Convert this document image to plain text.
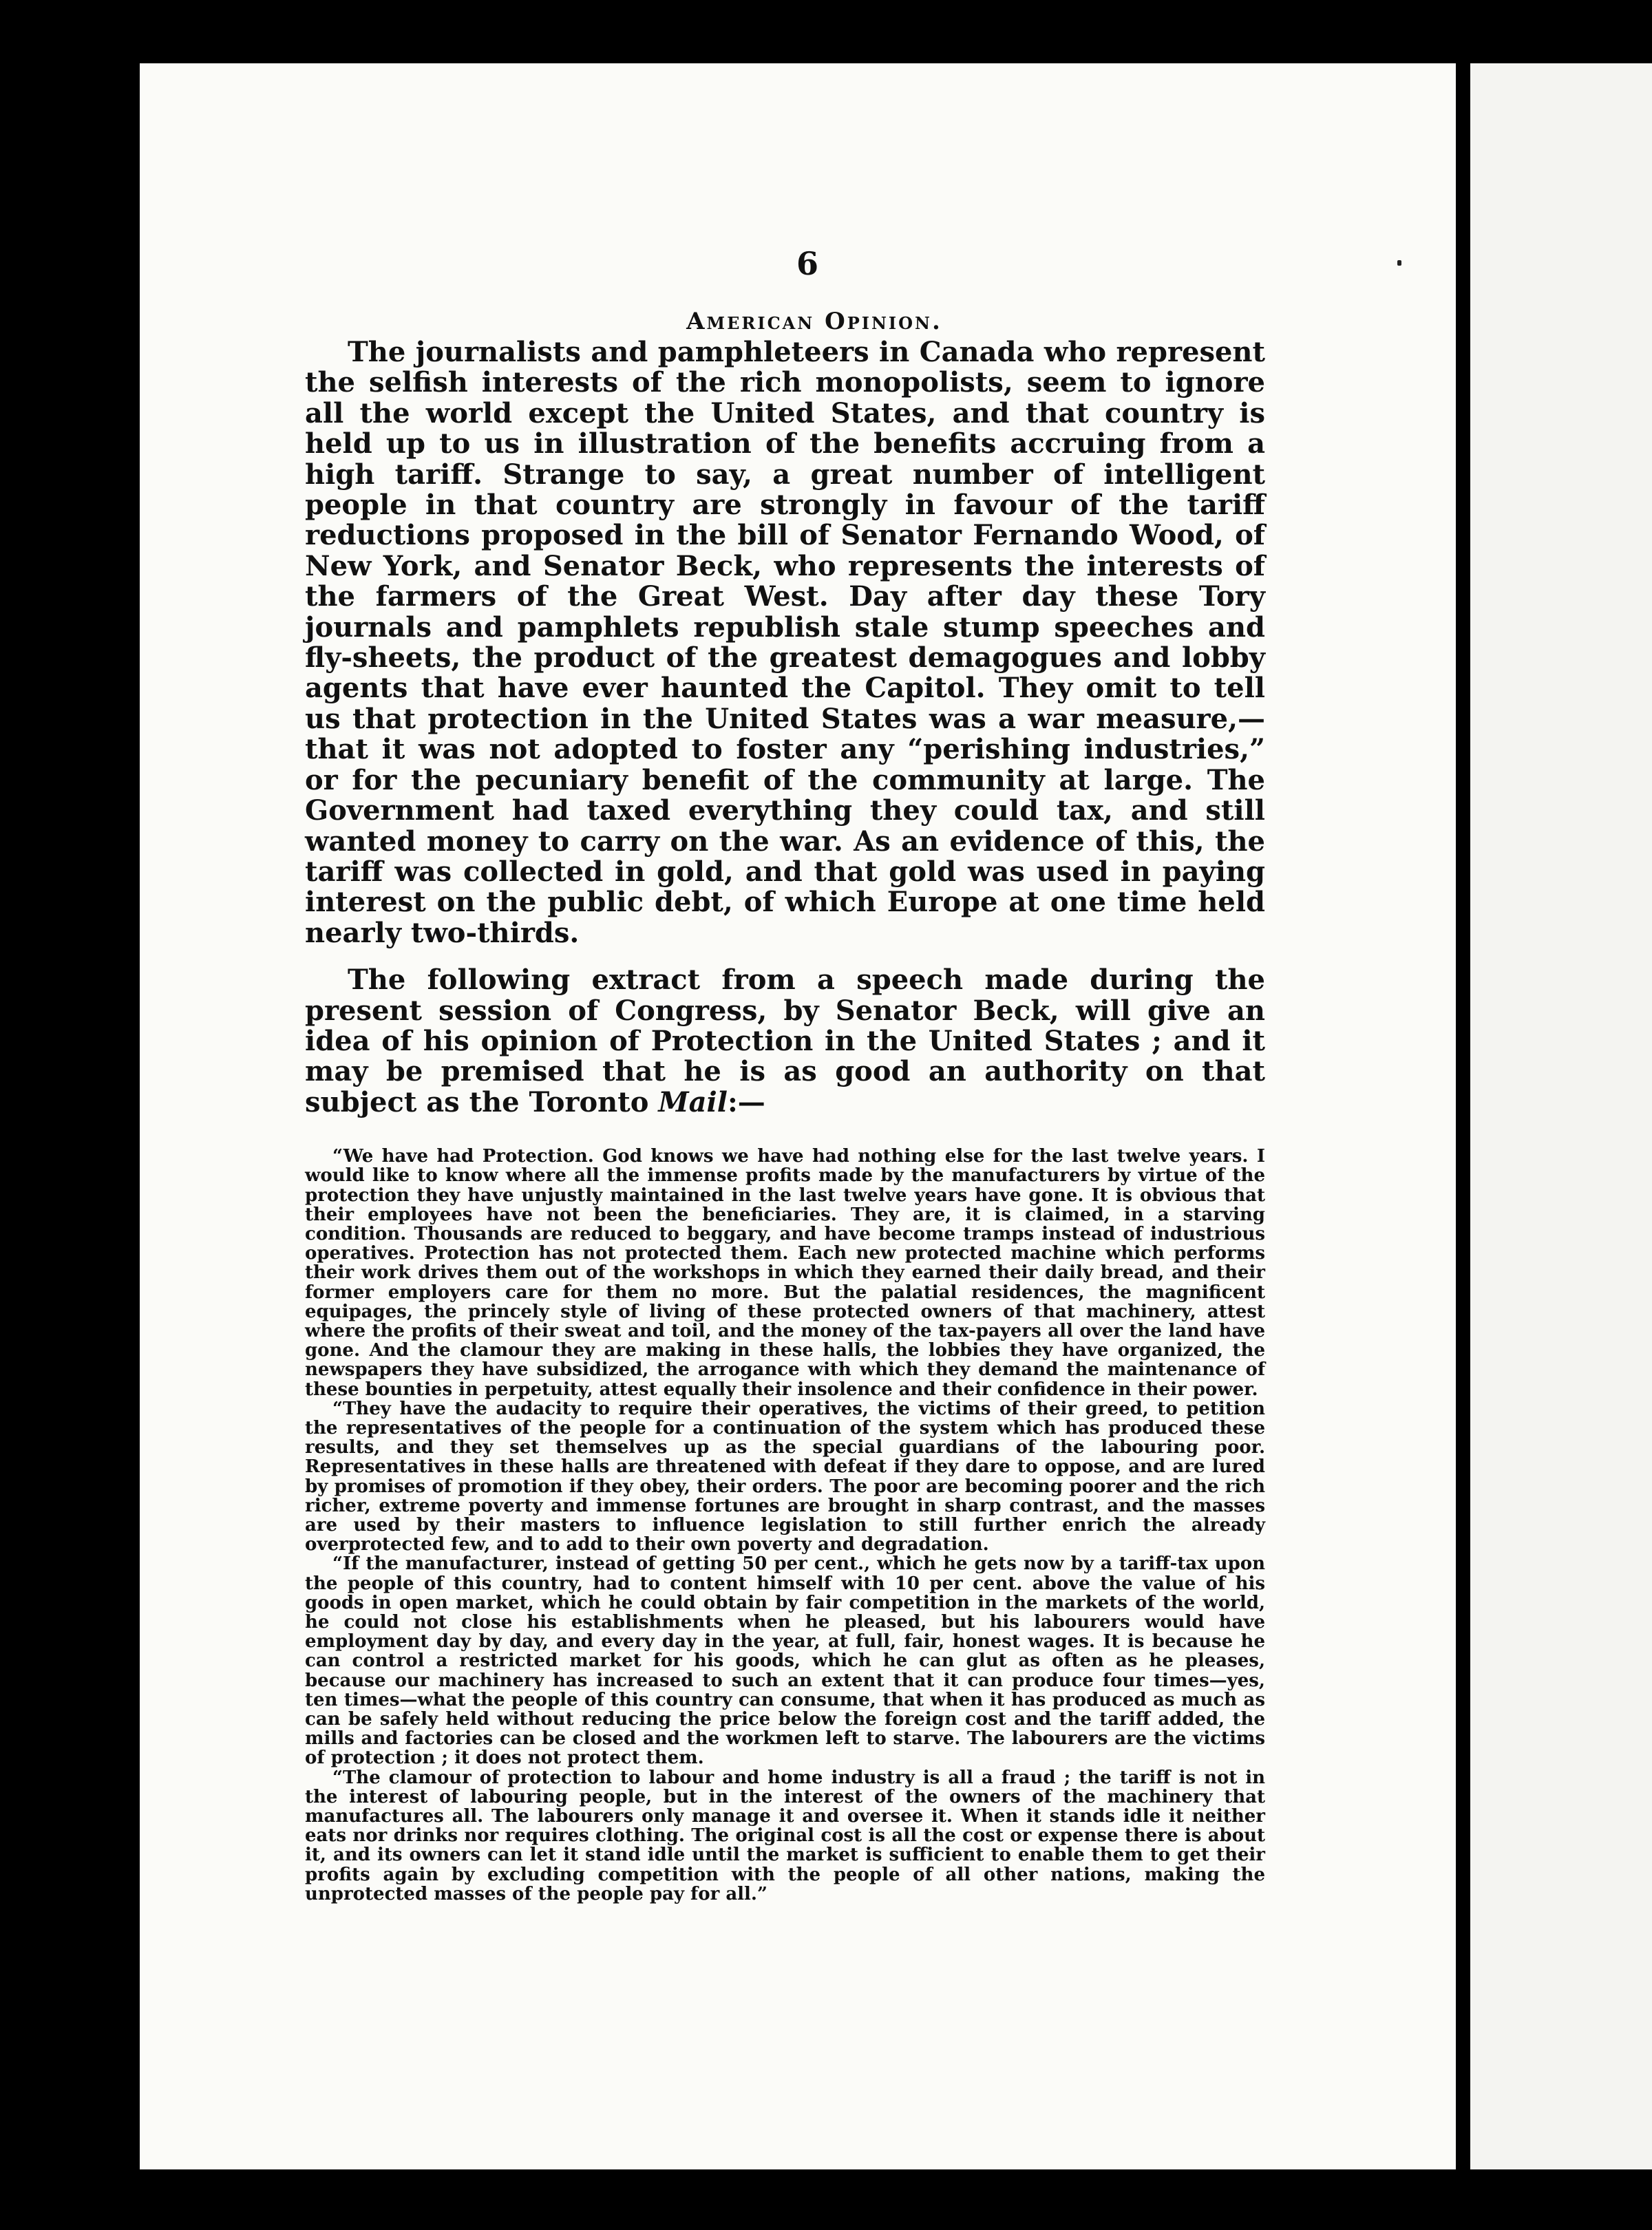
6
American Opinion.

The journalists and pamphleteers in Canada who represent the selfish interests of the rich monopolists, seem to ignore all the world except the United States, and that country is held up to us in illustration of the benefits accruing from a high tariff. Strange to say, a great number of intelligent people in that country are strongly in favour of the tariff reductions proposed in the bill of Senator Fernando Wood, of New York, and Senator Beck, who represents the interests of the farmers of the Great West. Day after day these Tory journals and pamphlets republish stale stump speeches and fly-sheets, the product of the greatest demagogues and lobby agents that have ever haunted the Capitol. They omit to tell us that protection in the United States was a war measure,—that it was not adopted to foster any “perishing industries,” or for the pecuniary benefit of the community at large. The Government had taxed everything they could tax, and still wanted money to carry on the war. As an evidence of this, the tariff was collected in gold, and that gold was used in paying interest on the public debt, of which Europe at one time held nearly two-thirds.

The following extract from a speech made during the present session of Congress, by Senator Beck, will give an idea of his opinion of Protection in the United States ; and it may be premised that he is as good an authority on that subject as the Toronto Mail:—

“We have had Protection. God knows we have had nothing else for the last twelve years. I would like to know where all the immense profits made by the manufacturers by virtue of the protection they have unjustly maintained in the last twelve years have gone. It is obvious that their employees have not been the beneficiaries. They are, it is claimed, in a starving condition. Thousands are reduced to beggary, and have become tramps instead of industrious operatives. Protection has not protected them. Each new protected machine which performs their work drives them out of the workshops in which they earned their daily bread, and their former employers care for them no more. But the palatial residences, the magnificent equipages, the princely style of living of these protected owners of that machinery, attest where the profits of their sweat and toil, and the money of the tax-payers all over the land have gone. And the clamour they are making in these halls, the lobbies they have organized, the newspapers they have subsidized, the arrogance with which they demand the maintenance of these bounties in perpetuity, attest equally their insolence and their confidence in their power.

“They have the audacity to require their operatives, the victims of their greed, to petition the representatives of the people for a continuation of the system which has produced these results, and they set themselves up as the special guardians of the labouring poor. Representatives in these halls are threatened with defeat if they dare to oppose, and are lured by promises of promotion if they obey, their orders. The poor are becoming poorer and the rich richer, extreme poverty and immense fortunes are brought in sharp contrast, and the masses are used by their masters to influence legislation to still further enrich the already overprotected few, and to add to their own poverty and degradation.

“If the manufacturer, instead of getting 50 per cent., which he gets now by a tariff-tax upon the people of this country, had to content himself with 10 per cent. above the value of his goods in open market, which he could obtain by fair competition in the markets of the world, he could not close his establishments when he pleased, but his labourers would have employment day by day, and every day in the year, at full, fair, honest wages. It is because he can control a restricted market for his goods, which he can glut as often as he pleases, because our machinery has increased to such an extent that it can produce four times—yes, ten times—what the people of this country can consume, that when it has produced as much as can be safely held without reducing the price below the foreign cost and the tariff added, the mills and factories can be closed and the workmen left to starve. The labourers are the victims of protection ; it does not protect them.

“The clamour of protection to labour and home industry is all a fraud ; the tariff is not in the interest of labouring people, but in the interest of the owners of the machinery that manufactures all. The labourers only manage it and oversee it. When it stands idle it neither eats nor drinks nor requires clothing. The original cost is all the cost or expense there is about it, and its owners can let it stand idle until the market is sufficient to enable them to get their profits again by excluding competition with the people of all other nations, making the unprotected masses of the people pay for all.”
